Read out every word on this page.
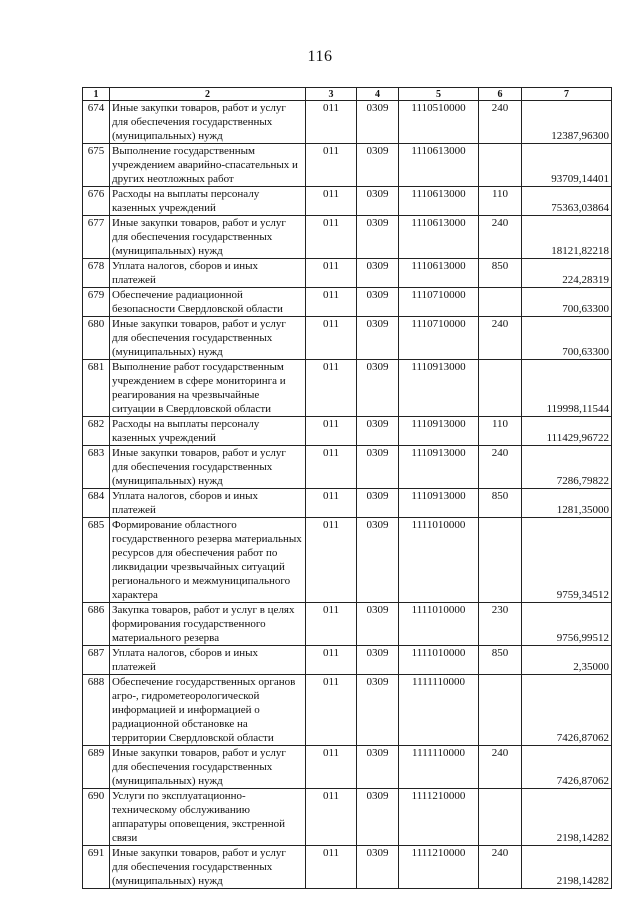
116
1	2	3	4	5	6	7
674	Иные закупки товаров, работ и услуг для обеспечения государственных (муниципальных) нужд	011	0309	1110510000	240	12387,96300
675	Выполнение государственным учреждением аварийно-спасательных и других неотложных работ	011	0309	1110613000		93709,14401
676	Расходы на выплаты персоналу казенных учреждений	011	0309	1110613000	110	75363,03864
677	Иные закупки товаров, работ и услуг для обеспечения государственных (муниципальных) нужд	011	0309	1110613000	240	18121,82218
678	Уплата налогов, сборов и иных платежей	011	0309	1110613000	850	224,28319
679	Обеспечение радиационной безопасности Свердловской области	011	0309	1110710000		700,63300
680	Иные закупки товаров, работ и услуг для обеспечения государственных (муниципальных) нужд	011	0309	1110710000	240	700,63300
681	Выполнение работ государственным учреждением в сфере мониторинга и реагирования на чрезвычайные ситуации в Свердловской области	011	0309	1110913000		119998,11544
682	Расходы на выплаты персоналу казенных учреждений	011	0309	1110913000	110	111429,96722
683	Иные закупки товаров, работ и услуг для обеспечения государственных (муниципальных) нужд	011	0309	1110913000	240	7286,79822
684	Уплата налогов, сборов и иных платежей	011	0309	1110913000	850	1281,35000
685	Формирование областного государственного резерва материальных ресурсов для обеспечения работ по ликвидации чрезвычайных ситуаций регионального и межмуниципального характера	011	0309	1111010000		9759,34512
686	Закупка товаров, работ и услуг в целях формирования государственного материального резерва	011	0309	1111010000	230	9756,99512
687	Уплата налогов, сборов и иных платежей	011	0309	1111010000	850	2,35000
688	Обеспечение государственных органов агро-, гидрометеорологической информацией и информацией о радиационной обстановке на территории Свердловской области	011	0309	1111110000		7426,87062
689	Иные закупки товаров, работ и услуг для обеспечения государственных (муниципальных) нужд	011	0309	1111110000	240	7426,87062
690	Услуги по эксплуатационно-техническому обслуживанию аппаратуры оповещения, экстренной связи	011	0309	1111210000		2198,14282
691	Иные закупки товаров, работ и услуг для обеспечения государственных (муниципальных) нужд	011	0309	1111210000	240	2198,14282
